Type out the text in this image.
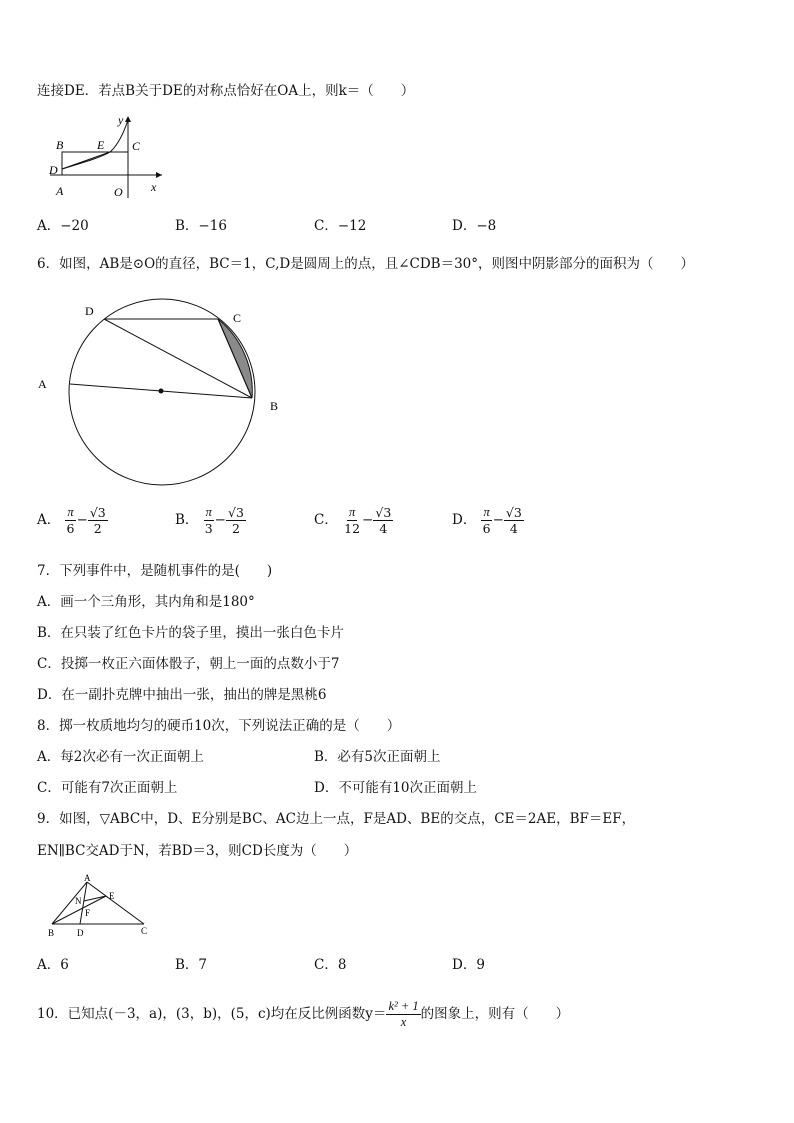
连接DE．若点B关于DE的对称点恰好在OA上，则k＝（　　）
y
B	E C
D
A	O x
A．−20	B．−16	C．−12	D．−8
6．如图，AB是⊙O的直径，BC＝1，C,D是圆周上的点，且∠CDB＝30°，则图中阴影部分的面积为（　　）
D	C
A
B
A． $\frac{\pi}{6} - \frac{√3}{2}$	B． $\frac{\pi}{3} - \frac{√3}{2}$	C． $\frac{\pi}{12} - \frac{√3}{4}$	D． $\frac{\pi}{6} - \frac{√3}{4}$
7．下列事件中，是随机事件的是(　　)
A．画一个三角形，其内角和是180°
B．在只装了红色卡片的袋子里，摸出一张白色卡片
C．投掷一枚正六面体骰子，朝上一面的点数小于7
D．在一副扑克牌中抽出一张，抽出的牌是黑桃6
8．掷一枚质地均匀的硬币10次，下列说法正确的是（　　）
A．每2次必有一次正面朝上	B．必有5次正面朝上
C．可能有7次正面朝上	D．不可能有10次正面朝上
9．如图，▽ABC中，D、E分别是BC、AC边上一点，F是AD、BE的交点，CE＝2AE，BF＝EF，
EN∥BC交AD于N，若BD＝3，则CD长度为（　　）
A
N	E
F
B	D	C
A．6	B．7	C．8	D．9
10．已知点(－3，a)，(3，b)，(5，c)均在反比例函数$y= \frac{\text{k² + 1}}{x}$ 的图象上，则有（　　）
